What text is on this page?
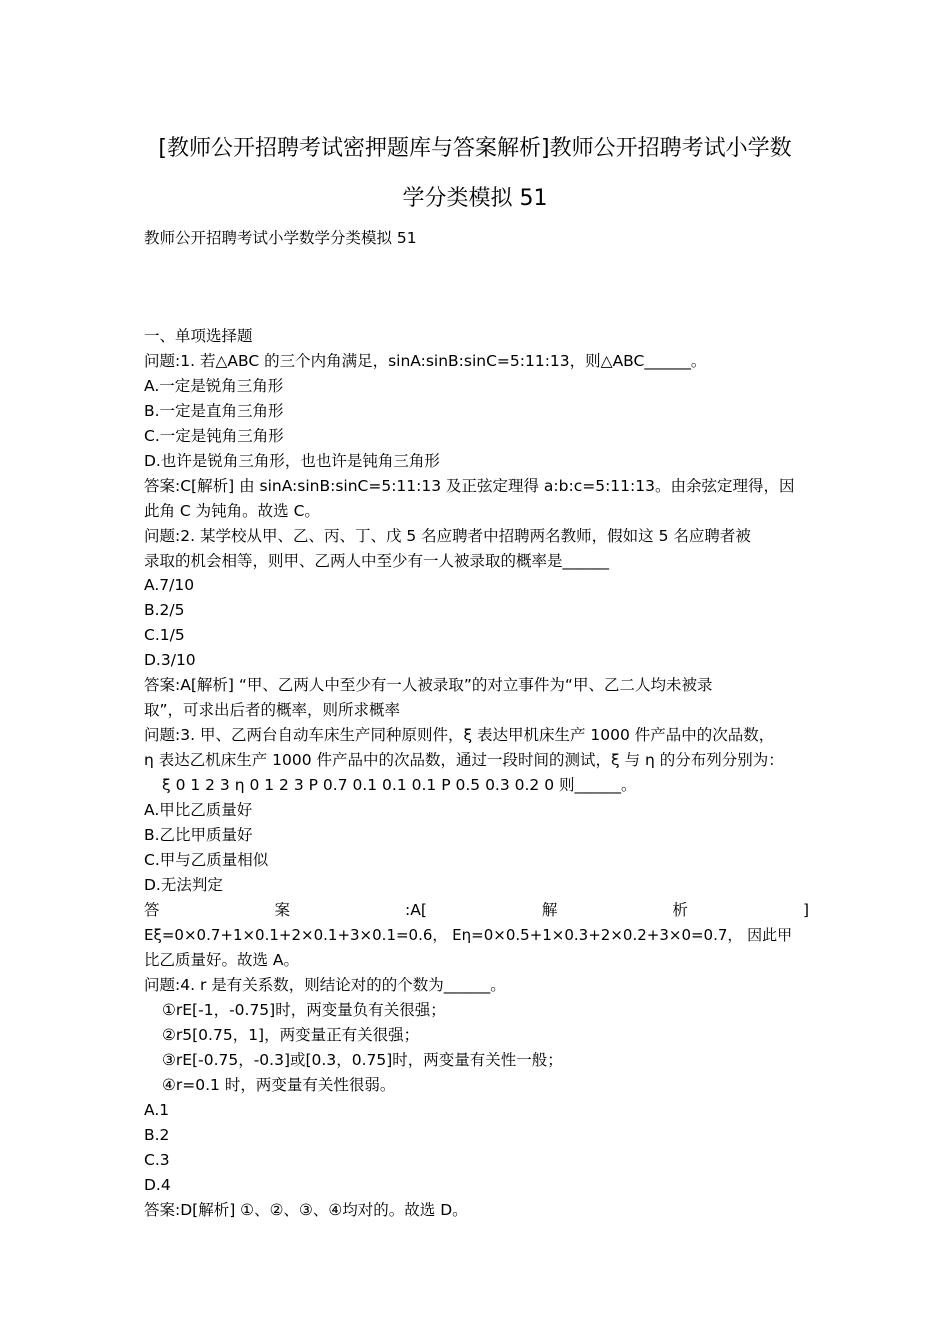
[教师公开招聘考试密押题库与答案解析]教师公开招聘考试小学数
学分类模拟 51
教师公开招聘考试小学数学分类模拟 51
一、单项选择题
问题:1. 若△ABC 的三个内角满足，sinA:sinB:sinC=5:11:13，则△ABC______。
A.一定是锐角三角形
B.一定是直角三角形
C.一定是钝角三角形
D.也许是锐角三角形，也也许是钝角三角形
答案:C[解析] 由 sinA:sinB:sinC=5:11:13 及正弦定理得 a:b:c=5:11:13。由余弦定理得，因
此角 C 为钝角。故选 C。
问题:2. 某学校从甲、乙、丙、丁、戊 5 名应聘者中招聘两名教师，假如这 5 名应聘者被
录取的机会相等，则甲、乙两人中至少有一人被录取的概率是______
A.7/10
B.2/5
C.1/5
D.3/10
答案:A[解析] “甲、乙两人中至少有一人被录取”的对立事件为“甲、乙二人均未被录
取”，可求出后者的概率，则所求概率
问题:3. 甲、乙两台自动车床生产同种原则件，ξ 表达甲机床生产 1000 件产品中的次品数，
η 表达乙机床生产 1000 件产品中的次品数，通过一段时间的测试，ξ 与 η 的分布列分别为：
ξ 0 1 2 3 η 0 1 2 3 P 0.7 0.1 0.1 0.1 P 0.5 0.3 0.2 0 则______。
A.甲比乙质量好
B.乙比甲质量好
C.甲与乙质量相似
D.无法判定
答	案	:A[	解	析	]
Eξ=0×0.7+1×0.1+2×0.1+3×0.1=0.6， Eη=0×0.5+1×0.3+2×0.2+3×0=0.7， 因此甲
比乙质量好。故选 A。
问题:4. r 是有关系数，则结论对的的个数为______。
①rE[-1，-0.75]时，两变量负有关很强；
②r5[0.75，1]，两变量正有关很强；
③rE[-0.75，-0.3]或[0.3，0.75]时，两变量有关性一般；
④r=0.1 时，两变量有关性很弱。
A.1
B.2
C.3
D.4
答案:D[解析] ①、②、③、④均对的。故选 D。
